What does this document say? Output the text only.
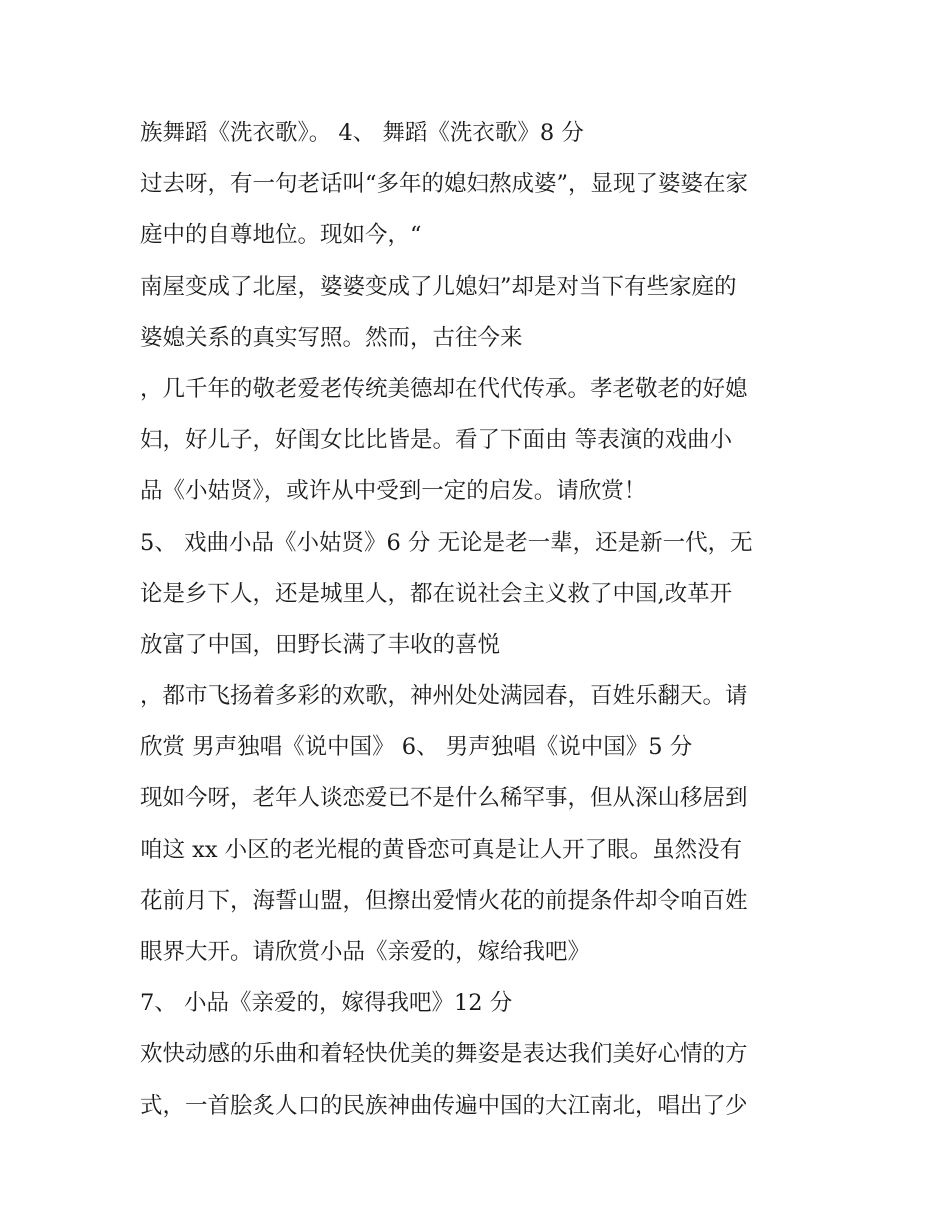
族舞蹈《洗衣歌》。 4、 舞蹈《洗衣歌》8 分
过去呀，有一句老话叫“多年的媳妇熬成婆”，显现了婆婆在家
庭中的自尊地位。现如今，“
南屋变成了北屋，婆婆变成了儿媳妇”却是对当下有些家庭的
婆媳关系的真实写照。然而，古往今来
，几千年的敬老爱老传统美德却在代代传承。孝老敬老的好媳
妇，好儿子，好闺女比比皆是。看了下面由 等表演的戏曲小
品《小姑贤》，或许从中受到一定的启发。请欣赏！
5、 戏曲小品《小姑贤》6 分 无论是老一辈，还是新一代，无
论是乡下人，还是城里人，都在说社会主义救了中国,改革开
放富了中国，田野长满了丰收的喜悦
，都市飞扬着多彩的欢歌，神州处处满园春，百姓乐翻天。请
欣赏 男声独唱《说中国》 6、 男声独唱《说中国》5 分
现如今呀，老年人谈恋爱已不是什么稀罕事，但从深山移居到
咱这 xx 小区的老光棍的黄昏恋可真是让人开了眼。虽然没有
花前月下，海誓山盟，但擦出爱情火花的前提条件却令咱百姓
眼界大开。请欣赏小品《亲爱的，嫁给我吧》
7、 小品《亲爱的，嫁得我吧》12 分
欢快动感的乐曲和着轻快优美的舞姿是表达我们美好心情的方
式，一首脍炙人口的民族神曲传遍中国的大江南北，唱出了少
